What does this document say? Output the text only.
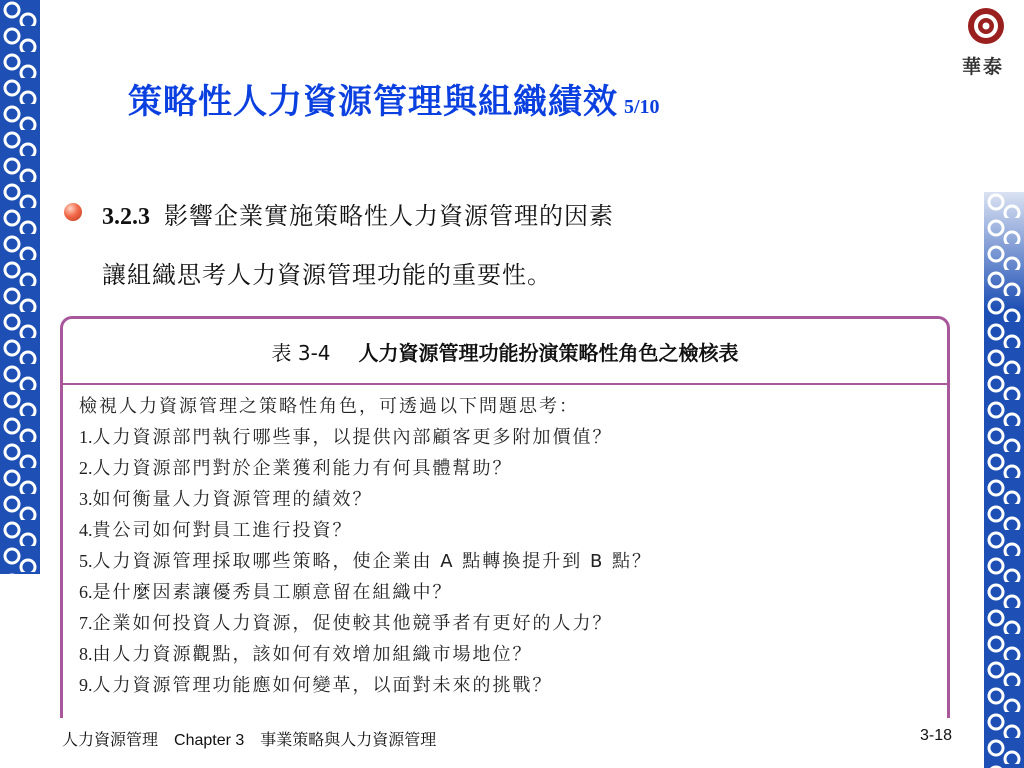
華泰
策略性人力資源管理與組織績效 5/10
3.2.3 影響企業實施策略性人力資源管理的因素
讓組織思考人力資源管理功能的重要性。
表 3-4 人力資源管理功能扮演策略性角色之檢核表
檢視人力資源管理之策略性角色，可透過以下問題思考：
1.人力資源部門執行哪些事，以提供內部顧客更多附加價值？
2.人力資源部門對於企業獲利能力有何具體幫助？
3.如何衡量人力資源管理的績效？
4.貴公司如何對員工進行投資？
5.人力資源管理採取哪些策略，使企業由 A 點轉換提升到 B 點？
6.是什麼因素讓優秀員工願意留在組織中？
7.企業如何投資人力資源，促使較其他競爭者有更好的人力？
8.由人力資源觀點，該如何有效增加組織市場地位？
9.人力資源管理功能應如何變革，以面對未來的挑戰？
人力資源管理 Chapter 3 事業策略與人力資源管理	3-18
